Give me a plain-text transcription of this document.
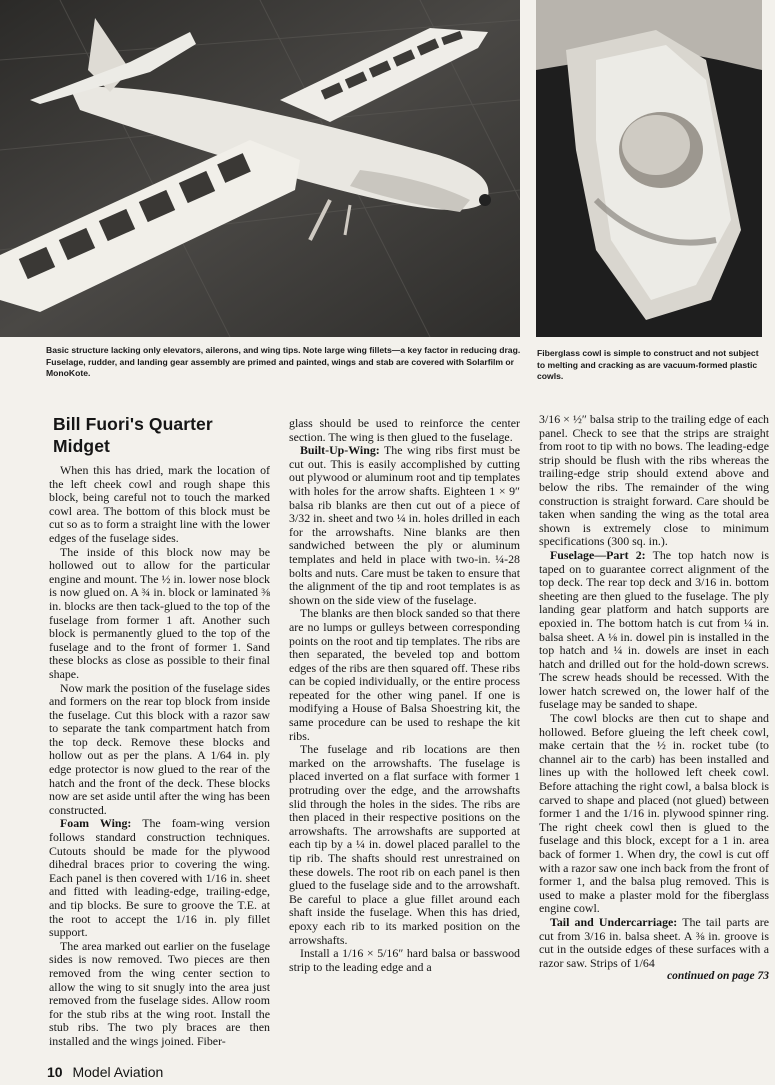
Basic structure lacking only elevators, ailerons, and wing tips. Note large wing fillets—a key factor in reducing drag. Fuselage, rudder, and landing gear assembly are primed and painted, wings and stab are covered with Solarfilm or MonoKote.
Fiberglass cowl is simple to construct and not subject to melting and cracking as are vacuum-formed plastic cowls.
Bill Fuori's Quarter Midget

When this has dried, mark the location of the left cheek cowl and rough shape this block, being careful not to touch the marked cowl area. The bottom of this block must be cut so as to form a straight line with the lower edges of the fuselage sides.

The inside of this block now may be hollowed out to allow for the particular engine and mount. The ½ in. lower nose block is now glued on. A ¾ in. block or laminated ⅜ in. blocks are then tack-glued to the top of the fuselage from former 1 aft. Another such block is permanently glued to the top of the fuselage and to the front of former 1. Sand these blocks as close as possible to their final shape.

Now mark the position of the fuselage sides and formers on the rear top block from inside the fuselage. Cut this block with a razor saw to separate the tank compartment hatch from the top deck. Remove these blocks and hollow out as per the plans. A 1/64 in. ply edge protector is now glued to the rear of the hatch and the front of the deck. These blocks now are set aside until after the wing has been constructed.

Foam Wing: The foam-wing version follows standard construction techniques. Cutouts should be made for the plywood dihedral braces prior to covering the wing. Each panel is then covered with 1/16 in. sheet and fitted with leading-edge, trailing-edge, and tip blocks. Be sure to groove the T.E. at the root to accept the 1/16 in. ply fillet support.

The area marked out earlier on the fuselage sides is now removed. Two pieces are then removed from the wing center section to allow the wing to sit snugly into the area just removed from the fuselage sides. Allow room for the stub ribs at the wing root. Install the stub ribs. The two ply braces are then installed and the wings joined. Fiber-

glass should be used to reinforce the center section. The wing is then glued to the fuselage.

Built-Up-Wing: The wing ribs first must be cut out. This is easily accomplished by cutting out plywood or aluminum root and tip templates with holes for the arrow shafts. Eighteen 1 × 9″ balsa rib blanks are then cut out of a piece of 3/32 in. sheet and two ¼ in. holes drilled in each for the arrowshafts. Nine blanks are then sandwiched between the ply or aluminum templates and held in place with two-in. ¼-28 bolts and nuts. Care must be taken to ensure that the alignment of the tip and root templates is as shown on the side view of the fuselage.

The blanks are then block sanded so that there are no lumps or gulleys between corresponding points on the root and tip templates. The ribs are then separated, the beveled top and bottom edges of the ribs are then squared off. These ribs can be copied individually, or the entire process repeated for the other wing panel. If one is modifying a House of Balsa Shoestring kit, the same procedure can be used to reshape the kit ribs.

The fuselage and rib locations are then marked on the arrowshafts. The fuselage is placed inverted on a flat surface with former 1 protruding over the edge, and the arrowshafts slid through the holes in the sides. The ribs are then placed in their respective positions on the arrowshafts. The arrowshafts are supported at each tip by a ¼ in. dowel placed parallel to the tip rib. The shafts should rest unrestrained on these dowels. The root rib on each panel is then glued to the fuselage side and to the arrowshaft. Be careful to place a glue fillet around each shaft inside the fuselage. When this has dried, epoxy each rib to its marked position on the arrowshafts.

Install a 1/16 × 5/16″ hard balsa or basswood strip to the leading edge and a

3/16 × ½″ balsa strip to the trailing edge of each panel. Check to see that the strips are straight from root to tip with no bows. The leading-edge strip should be flush with the ribs whereas the trailing-edge strip should extend above and below the ribs. The remainder of the wing construction is straight forward. Care should be taken when sanding the wing as the total area shown is extremely close to minimum specifications (300 sq. in.).

Fuselage—Part 2: The top hatch now is taped on to guarantee correct alignment of the top deck. The rear top deck and 3/16 in. bottom sheeting are then glued to the fuselage. The ply landing gear platform and hatch supports are epoxied in. The bottom hatch is cut from ¼ in. balsa sheet. A ⅛ in. dowel pin is installed in the top hatch and ¼ in. dowels are inset in each hatch and drilled out for the hold-down screws. The screw heads should be recessed. With the lower hatch screwed on, the lower half of the fuselage may be sanded to shape.

The cowl blocks are then cut to shape and hollowed. Before glueing the left cheek cowl, make certain that the ½ in. rocket tube (to channel air to the carb) has been installed and lines up with the hollowed left cheek cowl. Before attaching the right cowl, a balsa block is carved to shape and placed (not glued) between former 1 and the 1/16 in. plywood spinner ring. The right cheek cowl then is glued to the fuselage and this block, except for a 1 in. area back of former 1. When dry, the cowl is cut off with a razor saw one inch back from the front of former 1, and the balsa plug removed. This is used to make a plaster mold for the fiberglass engine cowl.

Tail and Undercarriage: The tail parts are cut from 3/16 in. balsa sheet. A ⅜ in. groove is cut in the outside edges of these surfaces with a razor saw. Strips of 1/64

continued on page 73
10 Model Aviation
